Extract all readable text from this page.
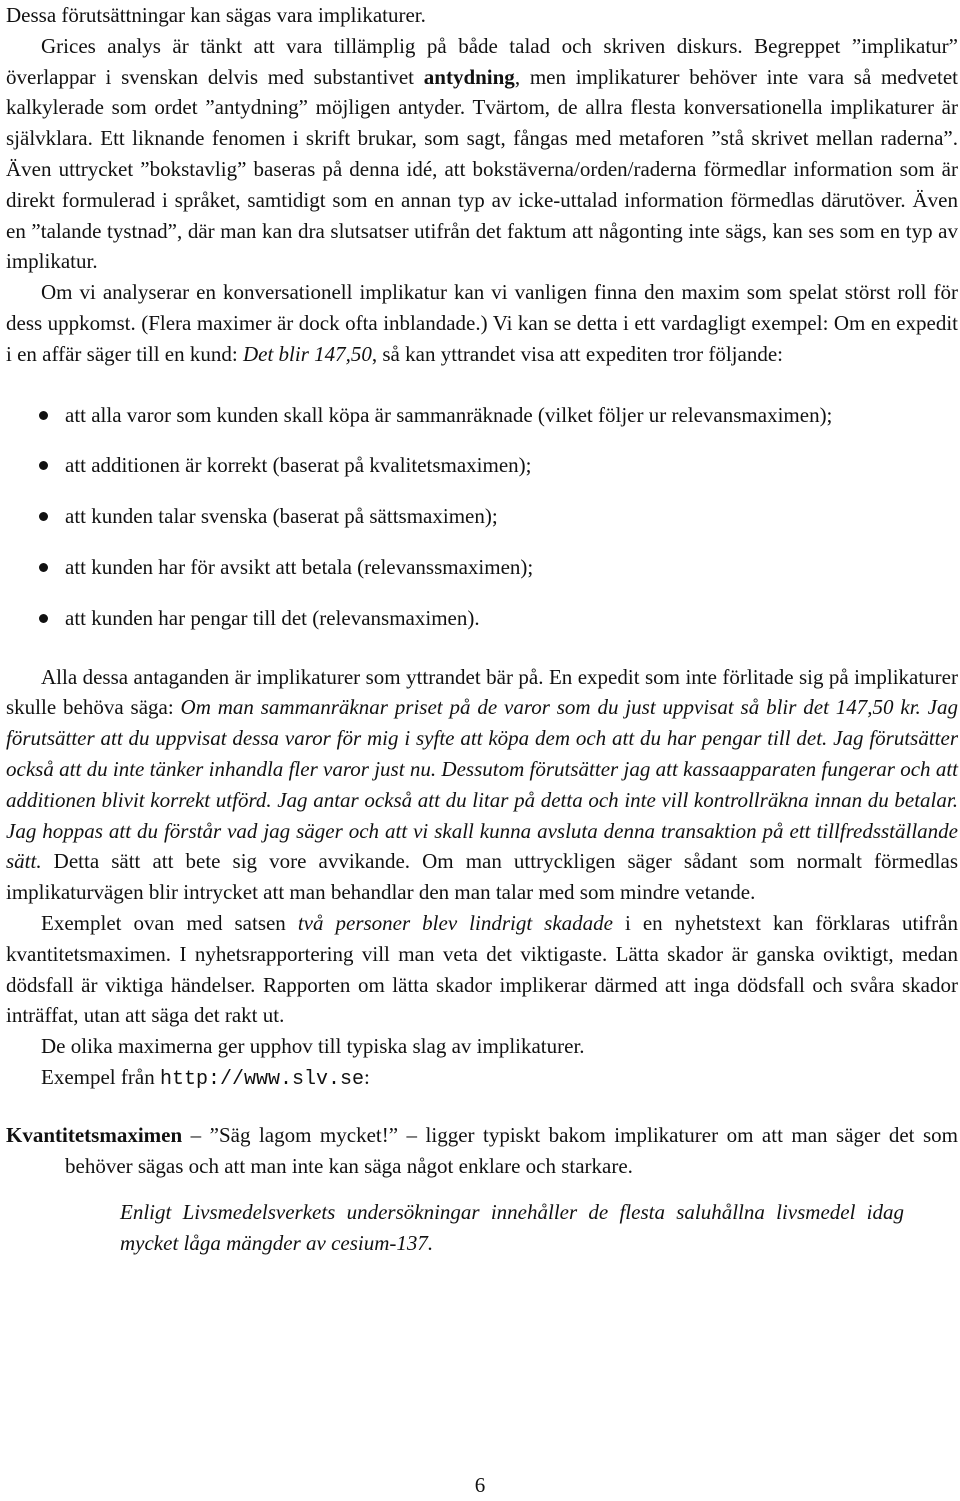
Dessa förutsättningar kan sägas vara implikaturer.

Grices analys är tänkt att vara tillämplig på både talad och skriven diskurs. Begreppet ”implikatur” överlappar i svenskan delvis med substantivet antydning, men implikaturer behöver inte vara så medvetet kalkylerade som ordet ”antydning” möjligen antyder. Tvärtom, de allra flesta konversationella implikaturer är självklara. Ett liknande fenomen i skrift brukar, som sagt, fångas med metaforen ”stå skrivet mellan raderna”. Även uttrycket ”bokstavlig” baseras på denna idé, att bokstäverna/orden/raderna förmedlar information som är direkt formulerad i språket, samtidigt som en annan typ av icke-uttalad information förmedlas därutöver. Även en ”talande tystnad”, där man kan dra slutsatser utifrån det faktum att någonting inte sägs, kan ses som en typ av implikatur.

Om vi analyserar en konversationell implikatur kan vi vanligen finna den maxim som spelat störst roll för dess uppkomst. (Flera maximer är dock ofta inblandade.) Vi kan se detta i ett vardagligt exempel: Om en expedit i en affär säger till en kund: Det blir 147,50, så kan yttrandet visa att expediten tror följande:

att alla varor som kunden skall köpa är sammanräknade (vilket följer ur relevansmaximen);
att additionen är korrekt (baserat på kvalitetsmaximen);
att kunden talar svenska (baserat på sättsmaximen);
att kunden har för avsikt att betala (relevanssmaximen);
att kunden har pengar till det (relevansmaximen).

Alla dessa antaganden är implikaturer som yttrandet bär på. En expedit som inte förlitade sig på implikaturer skulle behöva säga: Om man sammanräknar priset på de varor som du just uppvisat så blir det 147,50 kr. Jag förutsätter att du uppvisat dessa varor för mig i syfte att köpa dem och att du har pengar till det. Jag förutsätter också att du inte tänker inhandla fler varor just nu. Dessutom förutsätter jag att kassaapparaten fungerar och att additionen blivit korrekt utförd. Jag antar också att du litar på detta och inte vill kontrollräkna innan du betalar. Jag hoppas att du förstår vad jag säger och att vi skall kunna avsluta denna transaktion på ett tillfredsställande sätt. Detta sätt att bete sig vore avvikande. Om man uttryckligen säger sådant som normalt förmedlas implikaturvägen blir intrycket att man behandlar den man talar med som mindre vetande.

Exemplet ovan med satsen två personer blev lindrigt skadade i en nyhetstext kan förklaras utifrån kvantitetsmaximen. I nyhetsrapportering vill man veta det viktigaste. Lätta skador är ganska oviktigt, medan dödsfall är viktiga händelser. Rapporten om lätta skador implikerar därmed att inga dödsfall och svåra skador inträffat, utan att säga det rakt ut.

De olika maximerna ger upphov till typiska slag av implikaturer.

Exempel från http://www.slv.se:

Kvantitetsmaximen – ”Säg lagom mycket!” – ligger typiskt bakom implikaturer om att man säger det som behöver sägas och att man inte kan säga något enklare och starkare.

Enligt Livsmedelsverkets undersökningar innehåller de flesta saluhållna livsmedel idag mycket låga mängder av cesium-137.

6
